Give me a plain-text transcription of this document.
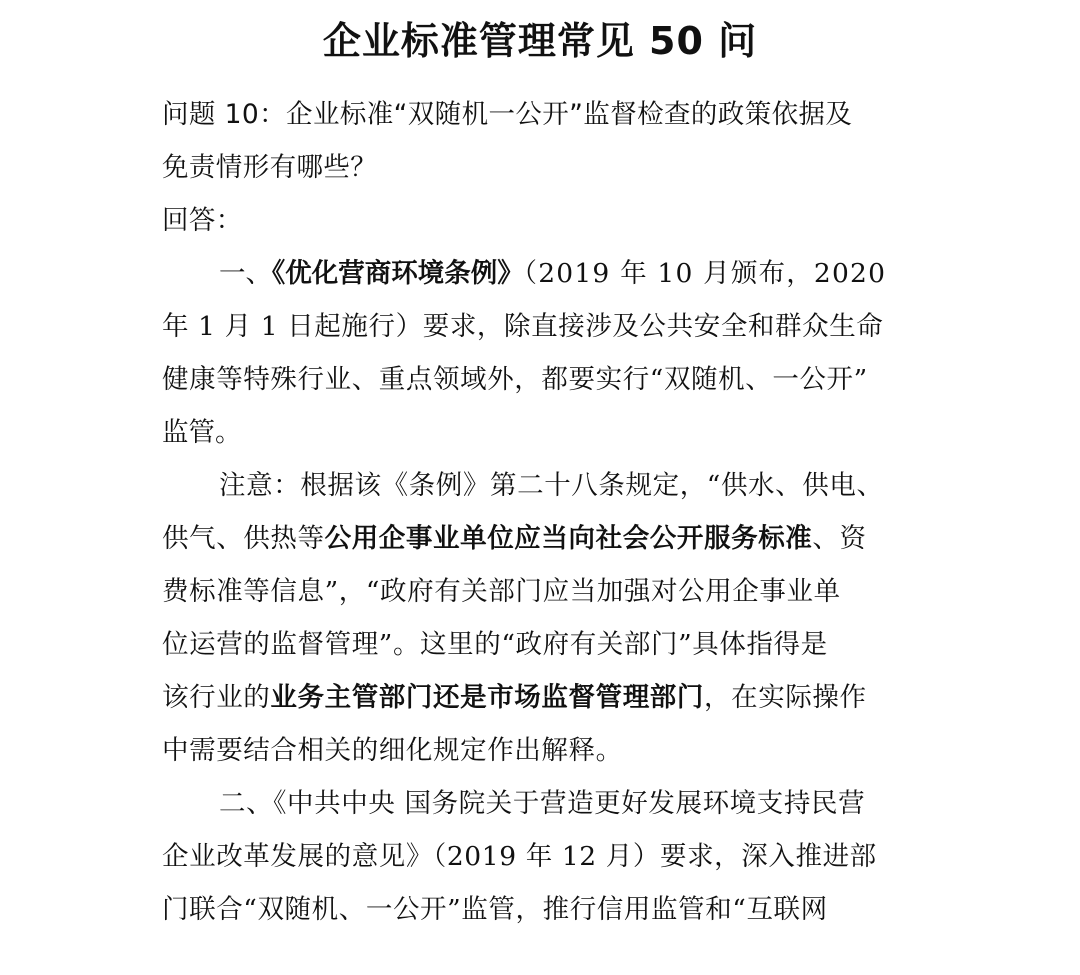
企业标准管理常见 50 问
问题 10：企业标准“双随机一公开”监督检查的政策依据及
免责情形有哪些？
回答：
一、《优化营商环境条例》（2019 年 10 月颁布，2020
年 1 月 1 日起施行）要求，除直接涉及公共安全和群众生命
健康等特殊行业、重点领域外，都要实行“双随机、一公开”
监管。
注意：根据该《条例》第二十八条规定，“供水、供电、
供气、供热等公用企事业单位应当向社会公开服务标准、资
费标准等信息”，“政府有关部门应当加强对公用企事业单
位运营的监督管理”。这里的“政府有关部门”具体指得是
该行业的业务主管部门还是市场监督管理部门，在实际操作
中需要结合相关的细化规定作出解释。
二、《中共中央 国务院关于营造更好发展环境支持民营
企业改革发展的意见》（2019 年 12 月）要求，深入推进部
门联合“双随机、一公开”监管，推行信用监管和“互联网
